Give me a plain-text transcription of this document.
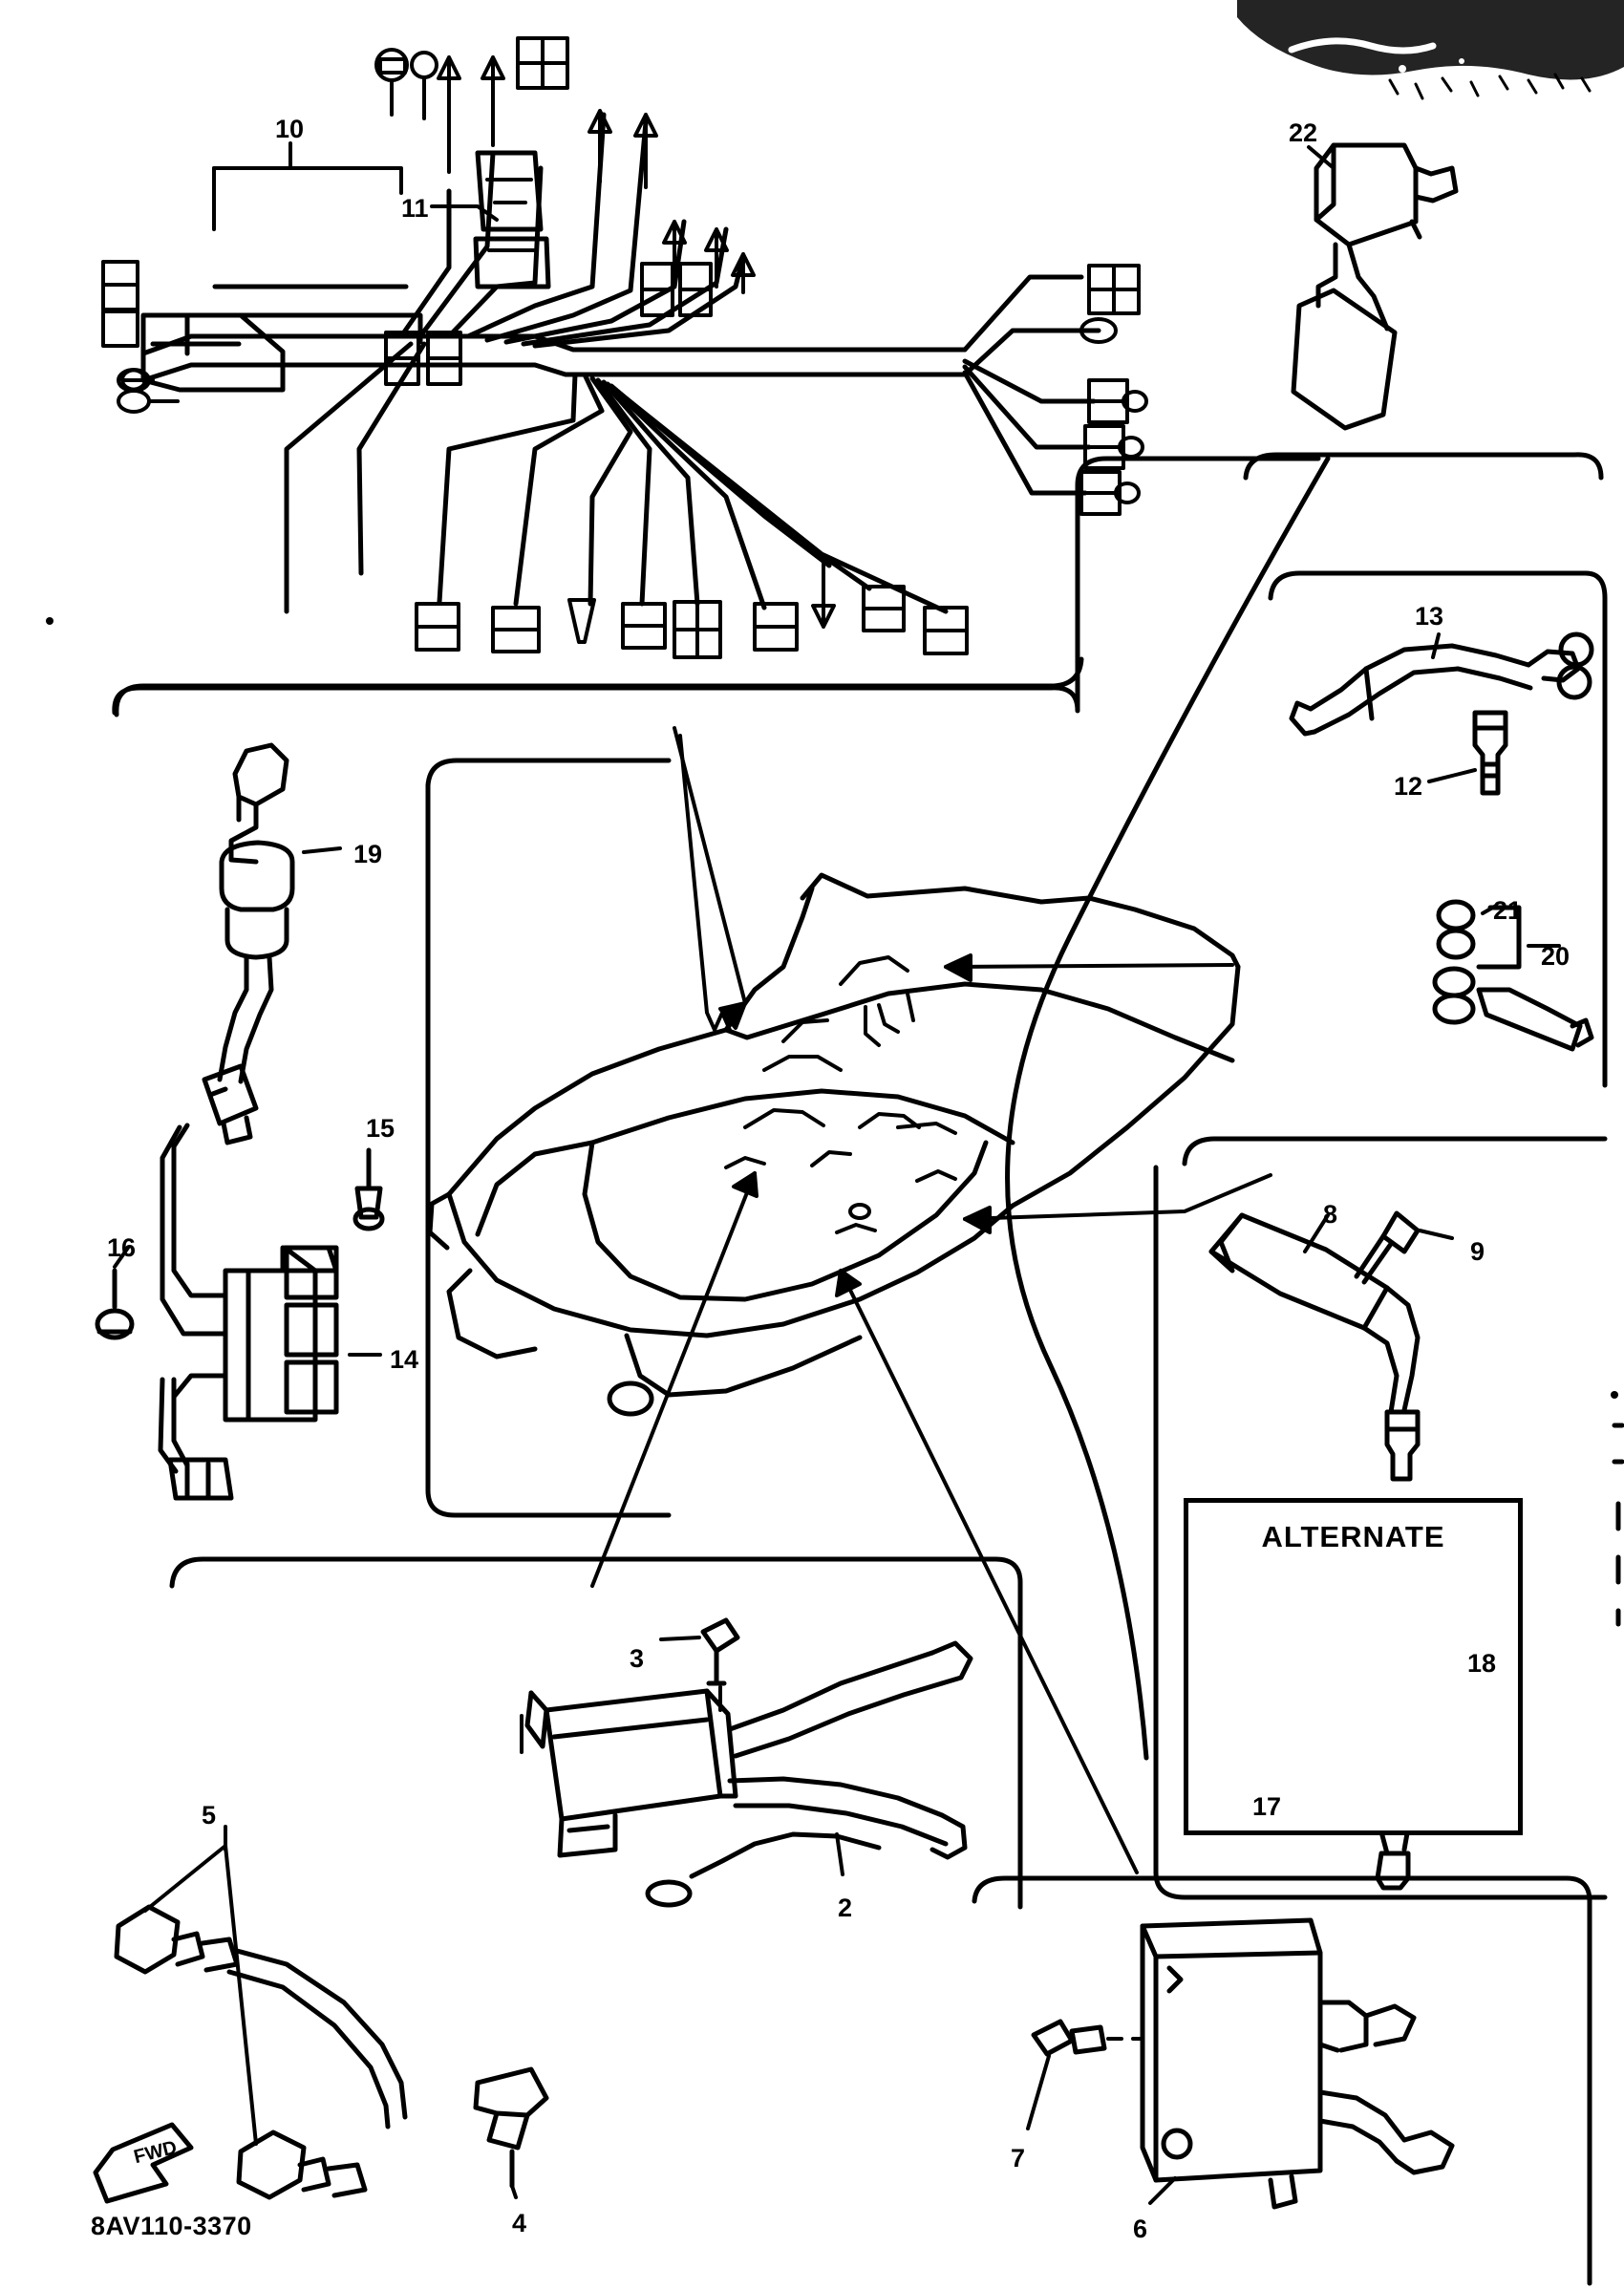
ALTERNATE
FWD
8AV110-3370
10
11
22
13
12
21
20
19
15
16
14
8
9
18
17
3
2
5
4
7
6
